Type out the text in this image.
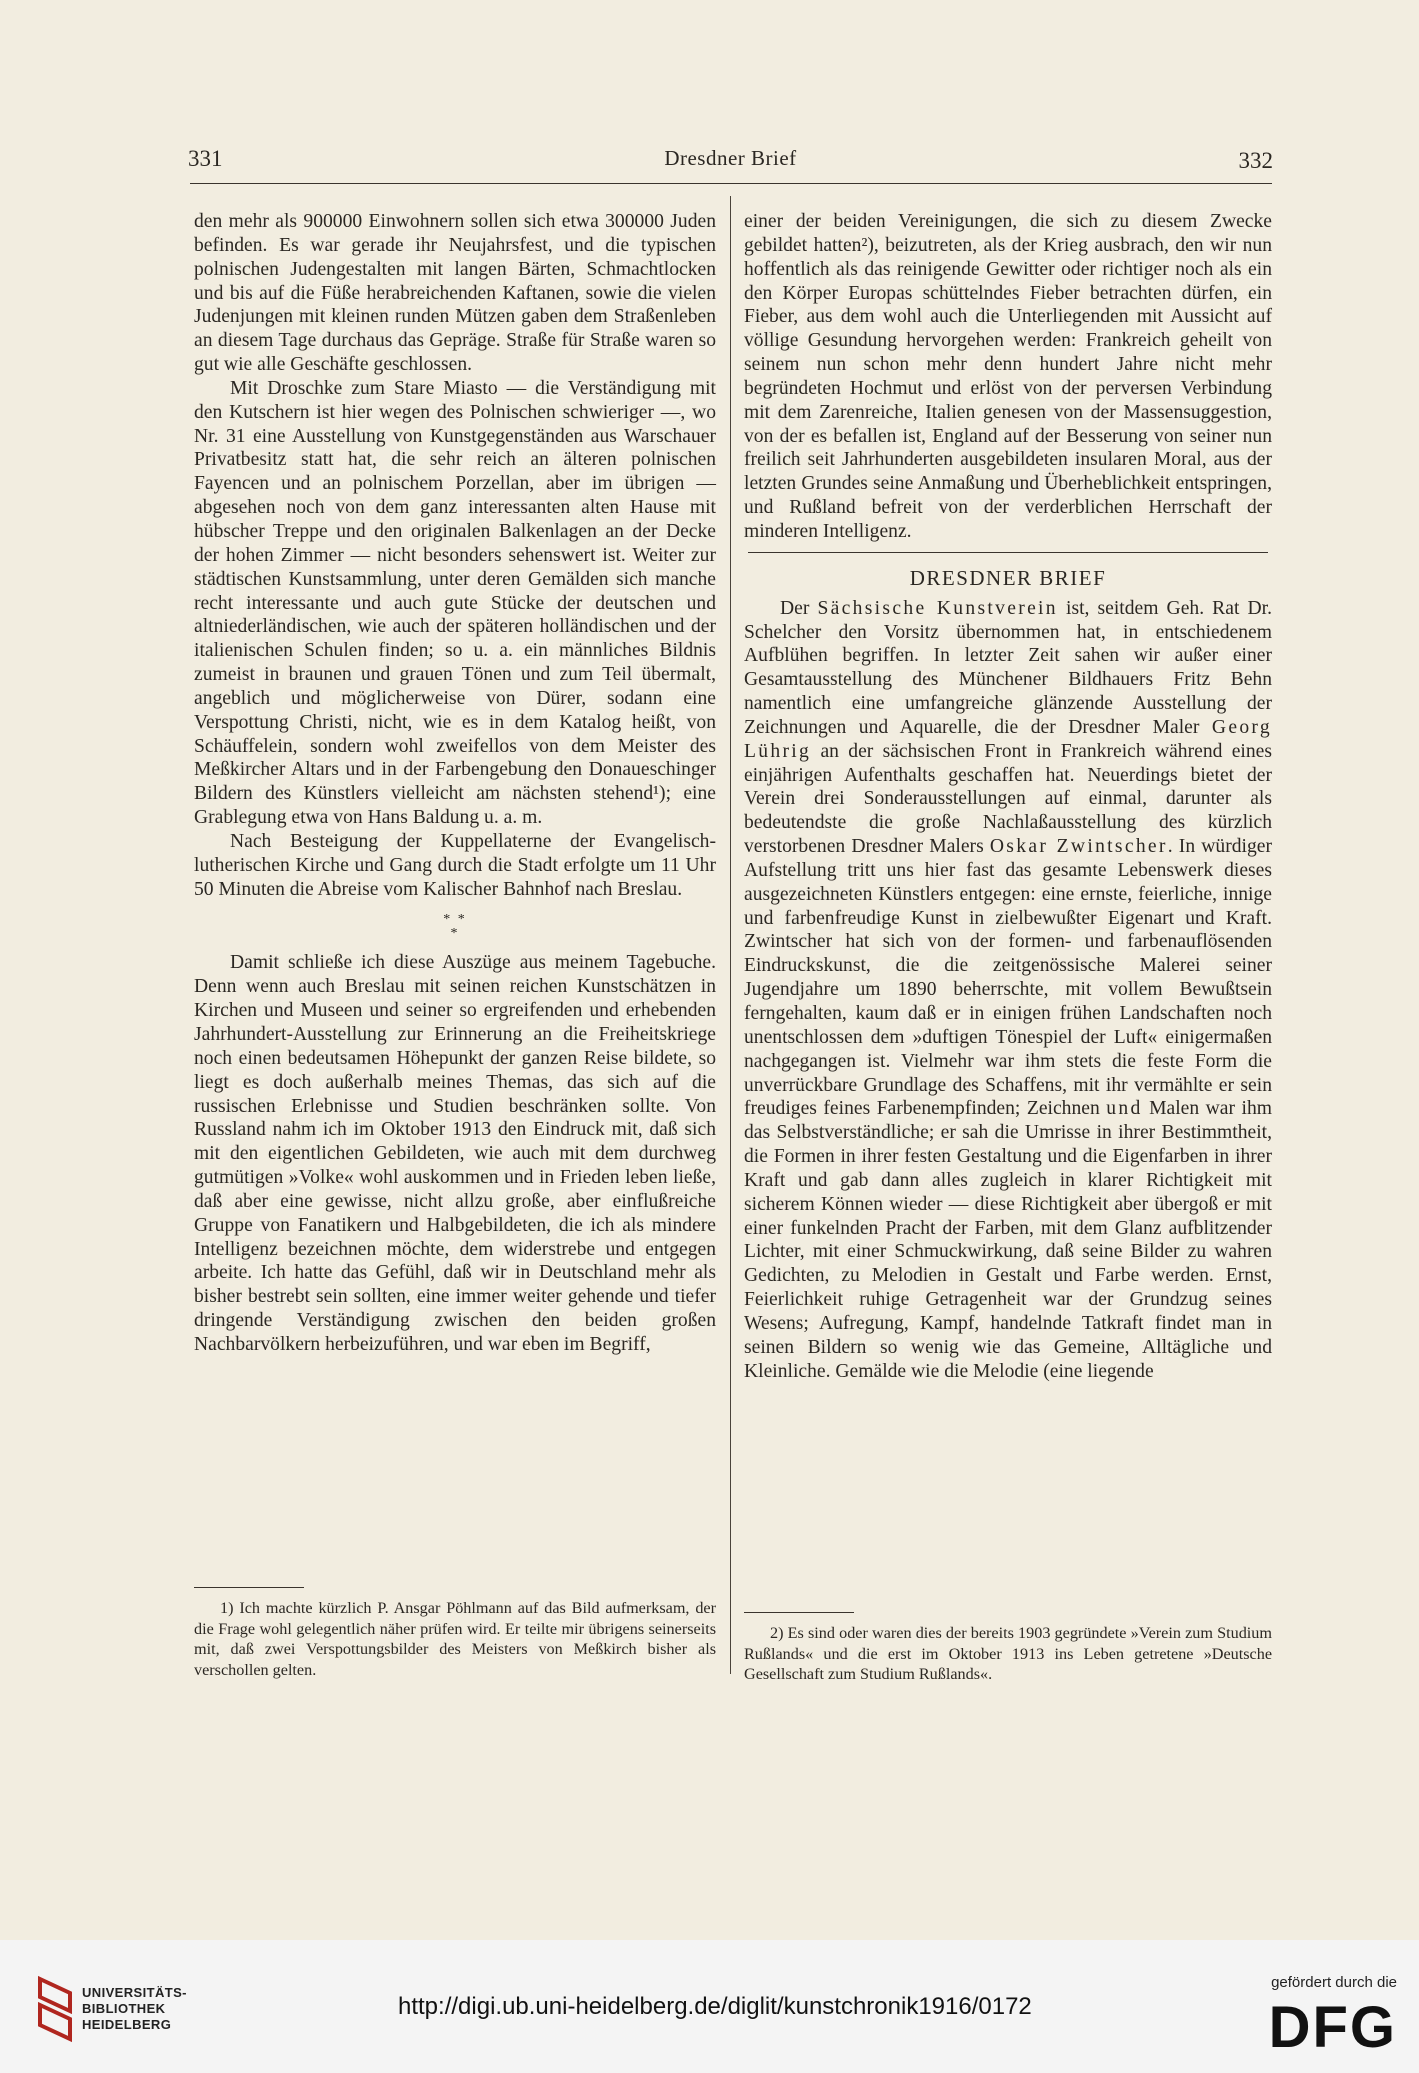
331	Dresdner Brief	332

den mehr als 900000 Einwohnern sollen sich etwa 300000 Juden befinden. Es war gerade ihr Neujahrsfest, und die typischen polnischen Judengestalten mit langen Bärten, Schmachtlocken und bis auf die Füße herabreichenden Kaftanen, sowie die vielen Judenjungen mit kleinen runden Mützen gaben dem Straßenleben an diesem Tage durchaus das Gepräge. Straße für Straße waren so gut wie alle Geschäfte geschlossen.

Mit Droschke zum Stare Miasto — die Verständigung mit den Kutschern ist hier wegen des Polnischen schwieriger —, wo Nr. 31 eine Ausstellung von Kunstgegenständen aus Warschauer Privatbesitz statt hat, die sehr reich an älteren polnischen Fayencen und an polnischem Porzellan, aber im übrigen — abgesehen noch von dem ganz interessanten alten Hause mit hübscher Treppe und den originalen Balkenlagen an der Decke der hohen Zimmer — nicht besonders sehenswert ist. Weiter zur städtischen Kunstsammlung, unter deren Gemälden sich manche recht interessante und auch gute Stücke der deutschen und altniederländischen, wie auch der späteren holländischen und der italienischen Schulen finden; so u. a. ein männliches Bildnis zumeist in braunen und grauen Tönen und zum Teil übermalt, angeblich und möglicherweise von Dürer, sodann eine Verspottung Christi, nicht, wie es in dem Katalog heißt, von Schäuffelein, sondern wohl zweifellos von dem Meister des Meßkircher Altars und in der Farbengebung den Donaueschinger Bildern des Künstlers vielleicht am nächsten stehend¹); eine Grablegung etwa von Hans Baldung u. a. m.

Nach Besteigung der Kuppellaterne der Evangelisch-lutherischen Kirche und Gang durch die Stadt erfolgte um 11 Uhr 50 Minuten die Abreise vom Kalischer Bahnhof nach Breslau.

* *
*

Damit schließe ich diese Auszüge aus meinem Tagebuche. Denn wenn auch Breslau mit seinen reichen Kunstschätzen in Kirchen und Museen und seiner so ergreifenden und erhebenden Jahrhundert-Ausstellung zur Erinnerung an die Freiheitskriege noch einen bedeutsamen Höhepunkt der ganzen Reise bildete, so liegt es doch außerhalb meines Themas, das sich auf die russischen Erlebnisse und Studien beschränken sollte. Von Russland nahm ich im Oktober 1913 den Eindruck mit, daß sich mit den eigentlichen Gebildeten, wie auch mit dem durchweg gutmütigen »Volke« wohl auskommen und in Frieden leben ließe, daß aber eine gewisse, nicht allzu große, aber einflußreiche Gruppe von Fanatikern und Halbgebildeten, die ich als mindere Intelligenz bezeichnen möchte, dem widerstrebe und entgegen arbeite. Ich hatte das Gefühl, daß wir in Deutschland mehr als bisher bestrebt sein sollten, eine immer weiter gehende und tiefer dringende Verständigung zwischen den beiden großen Nachbarvölkern herbeizuführen, und war eben im Begriff,

1) Ich machte kürzlich P. Ansgar Pöhlmann auf das Bild aufmerksam, der die Frage wohl gelegentlich näher prüfen wird. Er teilte mir übrigens seinerseits mit, daß zwei Verspottungsbilder des Meisters von Meßkirch bisher als verschollen gelten.

einer der beiden Vereinigungen, die sich zu diesem Zwecke gebildet hatten²), beizutreten, als der Krieg ausbrach, den wir nun hoffentlich als das reinigende Gewitter oder richtiger noch als ein den Körper Europas schüttelndes Fieber betrachten dürfen, ein Fieber, aus dem wohl auch die Unterliegenden mit Aussicht auf völlige Gesundung hervorgehen werden: Frankreich geheilt von seinem nun schon mehr denn hundert Jahre nicht mehr begründeten Hochmut und erlöst von der perversen Verbindung mit dem Zarenreiche, Italien genesen von der Massensuggestion, von der es befallen ist, England auf der Besserung von seiner nun freilich seit Jahrhunderten ausgebildeten insularen Moral, aus der letzten Grundes seine Anmaßung und Überheblichkeit entspringen, und Rußland befreit von der verderblichen Herrschaft der minderen Intelligenz.

DRESDNER BRIEF

Der Sächsische Kunstverein ist, seitdem Geh. Rat Dr. Schelcher den Vorsitz übernommen hat, in entschiedenem Aufblühen begriffen. In letzter Zeit sahen wir außer einer Gesamtausstellung des Münchener Bildhauers Fritz Behn namentlich eine umfangreiche glänzende Ausstellung der Zeichnungen und Aquarelle, die der Dresdner Maler Georg Lührig an der sächsischen Front in Frankreich während eines einjährigen Aufenthalts geschaffen hat. Neuerdings bietet der Verein drei Sonderausstellungen auf einmal, darunter als bedeutendste die große Nachlaßausstellung des kürzlich verstorbenen Dresdner Malers Oskar Zwintscher. In würdiger Aufstellung tritt uns hier fast das gesamte Lebenswerk dieses ausgezeichneten Künstlers entgegen: eine ernste, feierliche, innige und farbenfreudige Kunst in zielbewußter Eigenart und Kraft. Zwintscher hat sich von der formen- und farbenauflösenden Eindruckskunst, die die zeitgenössische Malerei seiner Jugendjahre um 1890 beherrschte, mit vollem Bewußtsein ferngehalten, kaum daß er in einigen frühen Landschaften noch unentschlossen dem »duftigen Tönespiel der Luft« einigermaßen nachgegangen ist. Vielmehr war ihm stets die feste Form die unverrückbare Grundlage des Schaffens, mit ihr vermählte er sein freudiges feines Farbenempfinden; Zeichnen und Malen war ihm das Selbstverständliche; er sah die Umrisse in ihrer Bestimmtheit, die Formen in ihrer festen Gestaltung und die Eigenfarben in ihrer Kraft und gab dann alles zugleich in klarer Richtigkeit mit sicherem Können wieder — diese Richtigkeit aber übergoß er mit einer funkelnden Pracht der Farben, mit dem Glanz aufblitzender Lichter, mit einer Schmuckwirkung, daß seine Bilder zu wahren Gedichten, zu Melodien in Gestalt und Farbe werden. Ernst, Feierlichkeit ruhige Getragenheit war der Grundzug seines Wesens; Aufregung, Kampf, handelnde Tatkraft findet man in seinen Bildern so wenig wie das Gemeine, Alltägliche und Kleinliche. Gemälde wie die Melodie (eine liegende

2) Es sind oder waren dies der bereits 1903 gegründete »Verein zum Studium Rußlands« und die erst im Oktober 1913 ins Leben getretene »Deutsche Gesellschaft zum Studium Rußlands«.

UNIVERSITÄTS-
BIBLIOTHEK
HEIDELBERG
http://digi.ub.uni-heidelberg.de/diglit/kunstchronik1916/0172
gefördert durch die
DFG
